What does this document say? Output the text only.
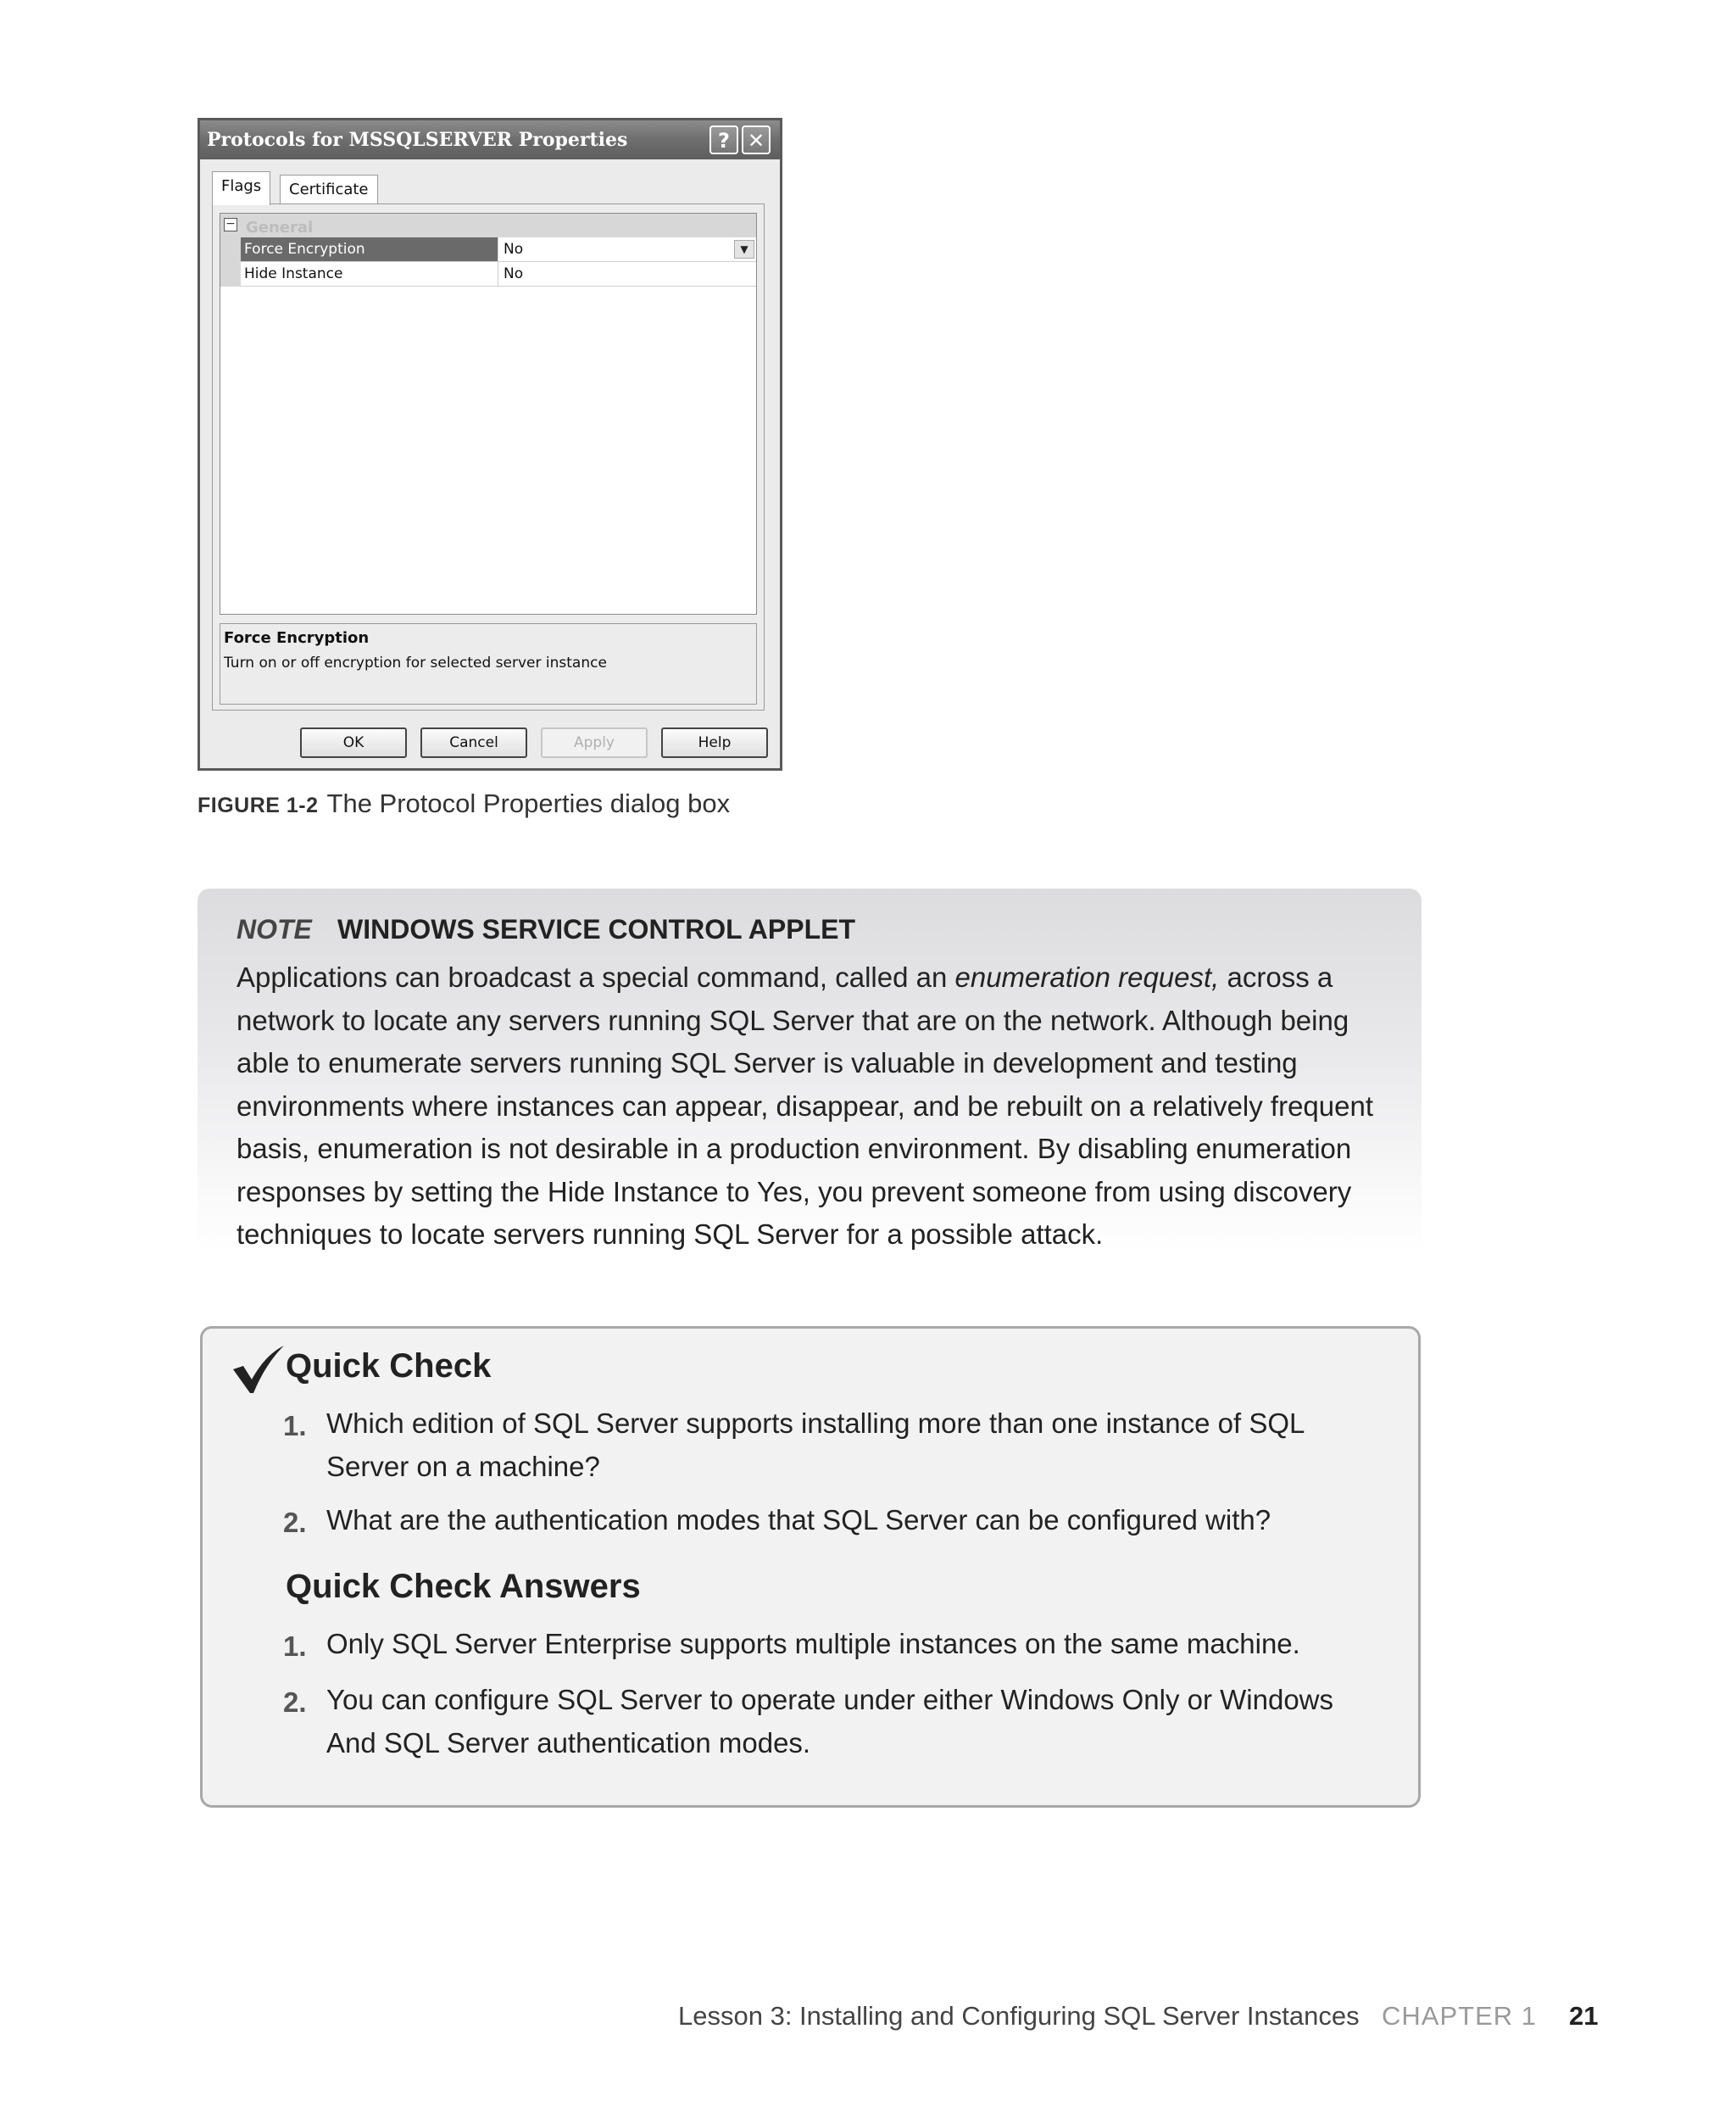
Protocols for MSSQLSERVER Properties	? ✕
Flags	Certificate
− General
Force Encryption	No	▼
Hide Instance	No
Force Encryption
Turn on or off encryption for selected server instance
OK	Cancel	Apply	Help
FIGURE 1-2 The Protocol Properties dialog box
NOTE WINDOWS SERVICE CONTROL APPLET
Applications can broadcast a special command, called an enumeration request, across a network to locate any servers running SQL Server that are on the network. Although being able to enumerate servers running SQL Server is valuable in development and testing environments where instances can appear, disappear, and be rebuilt on a relatively frequent basis, enumeration is not desirable in a production environment. By disabling enumeration responses by setting the Hide Instance to Yes, you prevent someone from using discovery techniques to locate servers running SQL Server for a possible attack.
Quick Check
1. Which edition of SQL Server supports installing more than one instance of SQL Server on a machine?
2. What are the authentication modes that SQL Server can be configured with?
Quick Check Answers
1. Only SQL Server Enterprise supports multiple instances on the same machine.
2. You can configure SQL Server to operate under either Windows Only or Windows And SQL Server authentication modes.
Lesson 3: Installing and Configuring SQL Server Instances CHAPTER 1 21
